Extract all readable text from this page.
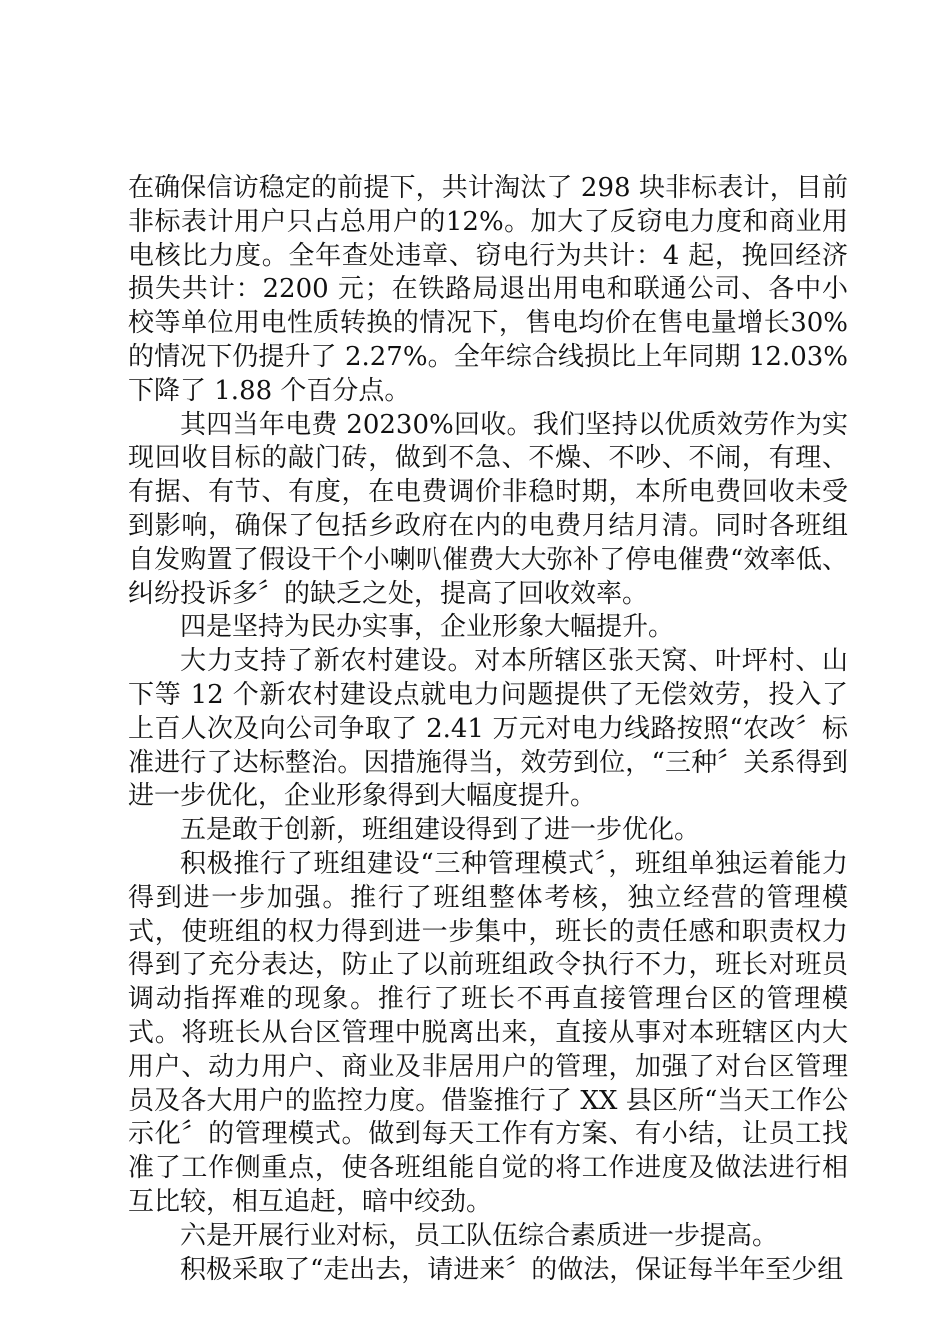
在确保信访稳定的前提下，共计淘汰了 298 块非标表计，目前非标表计用户只占总用户的12%。加大了反窃电力度和商业用电核比力度。全年查处违章、窃电行为共计：4 起，挽回经济损失共计：2200 元；在铁路局退出用电和联通公司、各中小校等单位用电性质转换的情况下，售电均价在售电量增长30%的情况下仍提升了 2.27%。全年综合线损比上年同期 12.03%下降了 1.88 个百分点。

其四当年电费 20230%回收。我们坚持以优质效劳作为实现回收目标的敲门砖，做到不急、不燥、不吵、不闹，有理、有据、有节、有度，在电费调价非稳时期，本所电费回收未受到影响，确保了包括乡政府在内的电费月结月清。同时各班组自发购置了假设干个小喇叭催费大大弥补了停电催费“效率低、纠纷投诉多〞的缺乏之处，提高了回收效率。

四是坚持为民办实事，企业形象大幅提升。

大力支持了新农村建设。对本所辖区张天窝、叶坪村、山下等 12 个新农村建设点就电力问题提供了无偿效劳，投入了上百人次及向公司争取了 2.41 万元对电力线路按照“农改〞标准进行了达标整治。因措施得当，效劳到位，“三种〞关系得到进一步优化，企业形象得到大幅度提升。

五是敢于创新，班组建设得到了进一步优化。

积极推行了班组建设“三种管理模式〞，班组单独运着能力得到进一步加强。推行了班组整体考核，独立经营的管理模式，使班组的权力得到进一步集中，班长的责任感和职责权力得到了充分表达，防止了以前班组政令执行不力，班长对班员调动指挥难的现象。推行了班长不再直接管理台区的管理模式。将班长从台区管理中脱离出来，直接从事对本班辖区内大用户、动力用户、商业及非居用户的管理，加强了对台区管理员及各大用户的监控力度。借鉴推行了 XX 县区所“当天工作公示化〞的管理模式。做到每天工作有方案、有小结，让员工找准了工作侧重点，使各班组能自觉的将工作进度及做法进行相互比较，相互追赶，暗中绞劲。

六是开展行业对标，员工队伍综合素质进一步提高。

积极采取了“走出去，请进来〞的做法，保证每半年至少组
